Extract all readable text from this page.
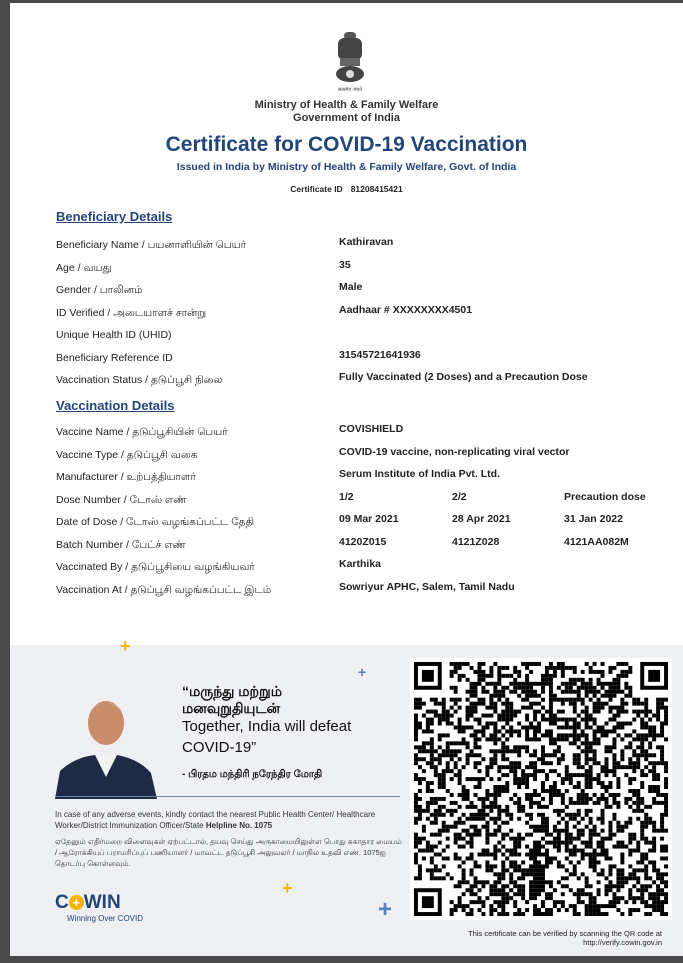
सत्यमेव जयते
Ministry of Health & Family Welfare
Government of India
Certificate for COVID-19 Vaccination
Issued in India by Ministry of Health & Family Welfare, Govt. of India
Certificate ID 81208415421
Beneficiary Details
Beneficiary Name / பயனாளியின் பெயர்	Kathiravan
Age / வயது	35
Gender / பாலினம்	Male
ID Verified / அடையாளச் சான்று	Aadhaar # XXXXXXXX4501
Unique Health ID (UHID)
Beneficiary Reference ID	31545721641936
Vaccination Status / தடுப்பூசி நிலை	Fully Vaccinated (2 Doses) and a Precaution Dose
Vaccination Details
Vaccine Name / தடுப்பூசியின் பெயர்	COVISHIELD
Vaccine Type / தடுப்பூசி வகை	COVID-19 vaccine, non-replicating viral vector
Manufacturer / உற்பத்தியாளர்	Serum Institute of India Pvt. Ltd.
Dose Number / டோஸ் எண்	1/2	2/2	Precaution dose
Date of Dose / டோஸ் வழங்கப்பட்ட தேதி	09 Mar 2021	28 Apr 2021	31 Jan 2022
Batch Number / பேட்ச் எண்	4120Z015	4121Z028	4121AA082M
Vaccinated By / தடுப்பூசியை வழங்கியவர்	Karthika
Vaccination At / தடுப்பூசி வழங்கப்பட்ட இடம்	Sowriyur APHC, Salem, Tamil Nadu
+
+
“மருந்து மற்றும்
மனவுறுதியுடன்
Together, India will defeat
COVID-19”
- பிரதம மந்திரி நரேந்திர மோதி
In case of any adverse events, kindly contact the nearest Public Health Center/ Healthcare Worker/District Immunization Officer/State Helpline No. 1075
ஏதேனும் எதிர்மறை விளைவுகள் ஏற்பட்டால், தயவு செய்து அருகாமையிலுள்ள பொது சுகாதார மையம் / ஆரோக்கியப் பராமரிப்புப் பணியாளர் / மாவட்ட தடுப்பூசி அலுவலர் / மாநில உதவி எண். 1075ஐ தொடர்பு கொள்ளவும்.
C + WIN
Winning Over COVID
+
+
This certificate can be verified by scanning the QR code at
http://verify.cowin.gov.in
